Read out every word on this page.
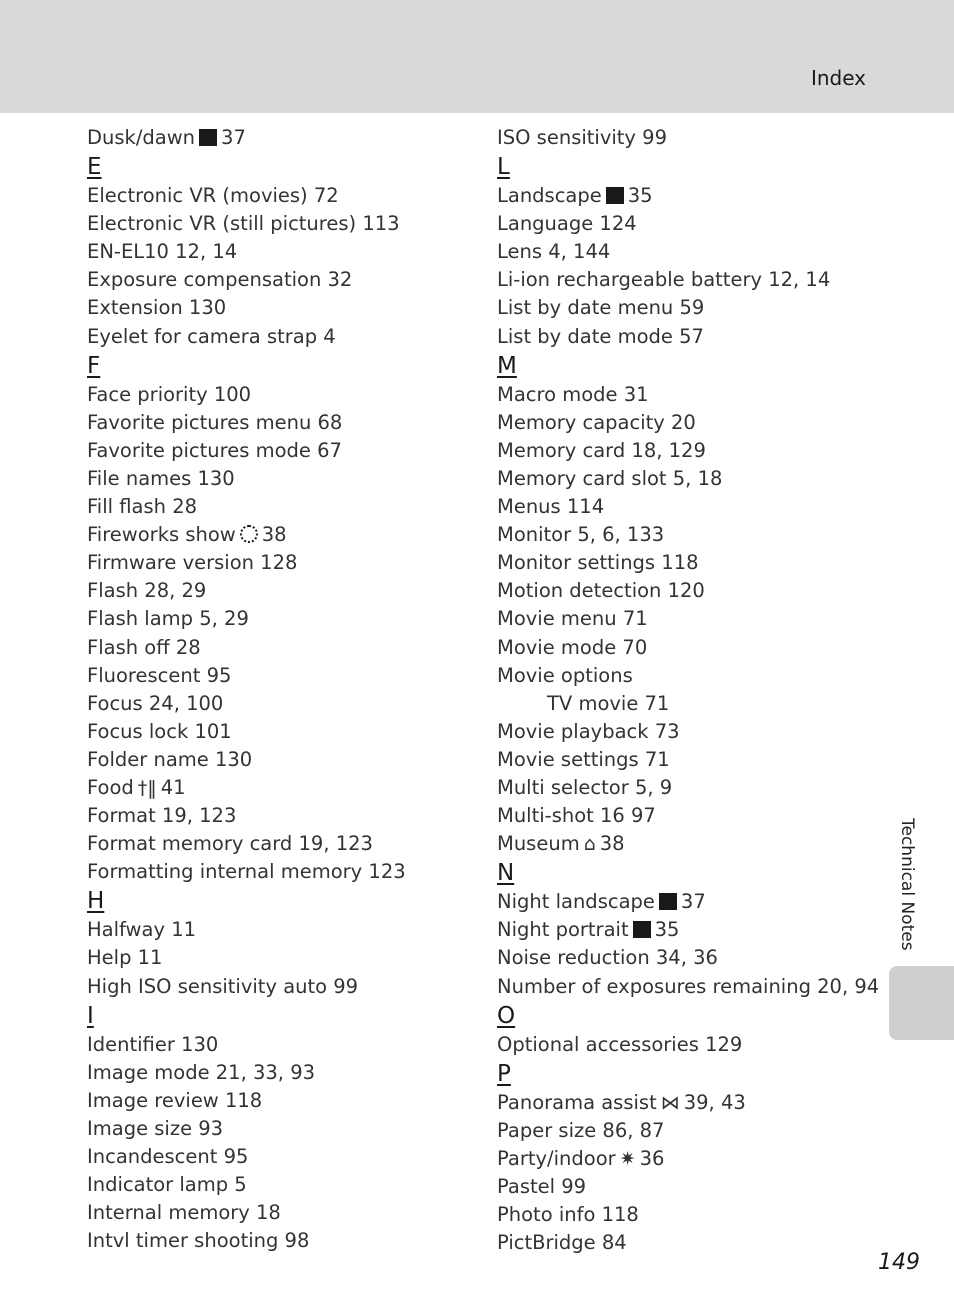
Index
Dusk/dawn 37
E
Electronic VR (movies) 72
Electronic VR (still pictures) 113
EN-EL10 12, 14
Exposure compensation 32
Extension 130
Eyelet for camera strap 4
F
Face priority 100
Favorite pictures menu 68
Favorite pictures mode 67
File names 130
Fill flash 28
Fireworks show 38
Firmware version 128
Flash 28, 29
Flash lamp 5, 29
Flash off 28
Fluorescent 95
Focus 24, 100
Focus lock 101
Folder name 130
Food †‖ 41
Format 19, 123
Format memory card 19, 123
Formatting internal memory 123
H
Halfway 11
Help 11
High ISO sensitivity auto 99
I
Identifier 130
Image mode 21, 33, 93
Image review 118
Image size 93
Incandescent 95
Indicator lamp 5
Internal memory 18
Intvl timer shooting 98
ISO sensitivity 99
L
Landscape 35
Language 124
Lens 4, 144
Li-ion rechargeable battery 12, 14
List by date menu 59
List by date mode 57
M
Macro mode 31
Memory capacity 20
Memory card 18, 129
Memory card slot 5, 18
Menus 114
Monitor 5, 6, 133
Monitor settings 118
Motion detection 120
Movie menu 71
Movie mode 70
Movie options
TV movie 71
Movie playback 73
Movie settings 71
Multi selector 5, 9
Multi-shot 16 97
Museum ⌂ 38
N
Night landscape 37
Night portrait 35
Noise reduction 34, 36
Number of exposures remaining 20, 94
O
Optional accessories 129
P
Panorama assist ⋈ 39, 43
Paper size 86, 87
Party/indoor ✷ 36
Pastel 99
Photo info 118
PictBridge 84
Technical Notes
149
